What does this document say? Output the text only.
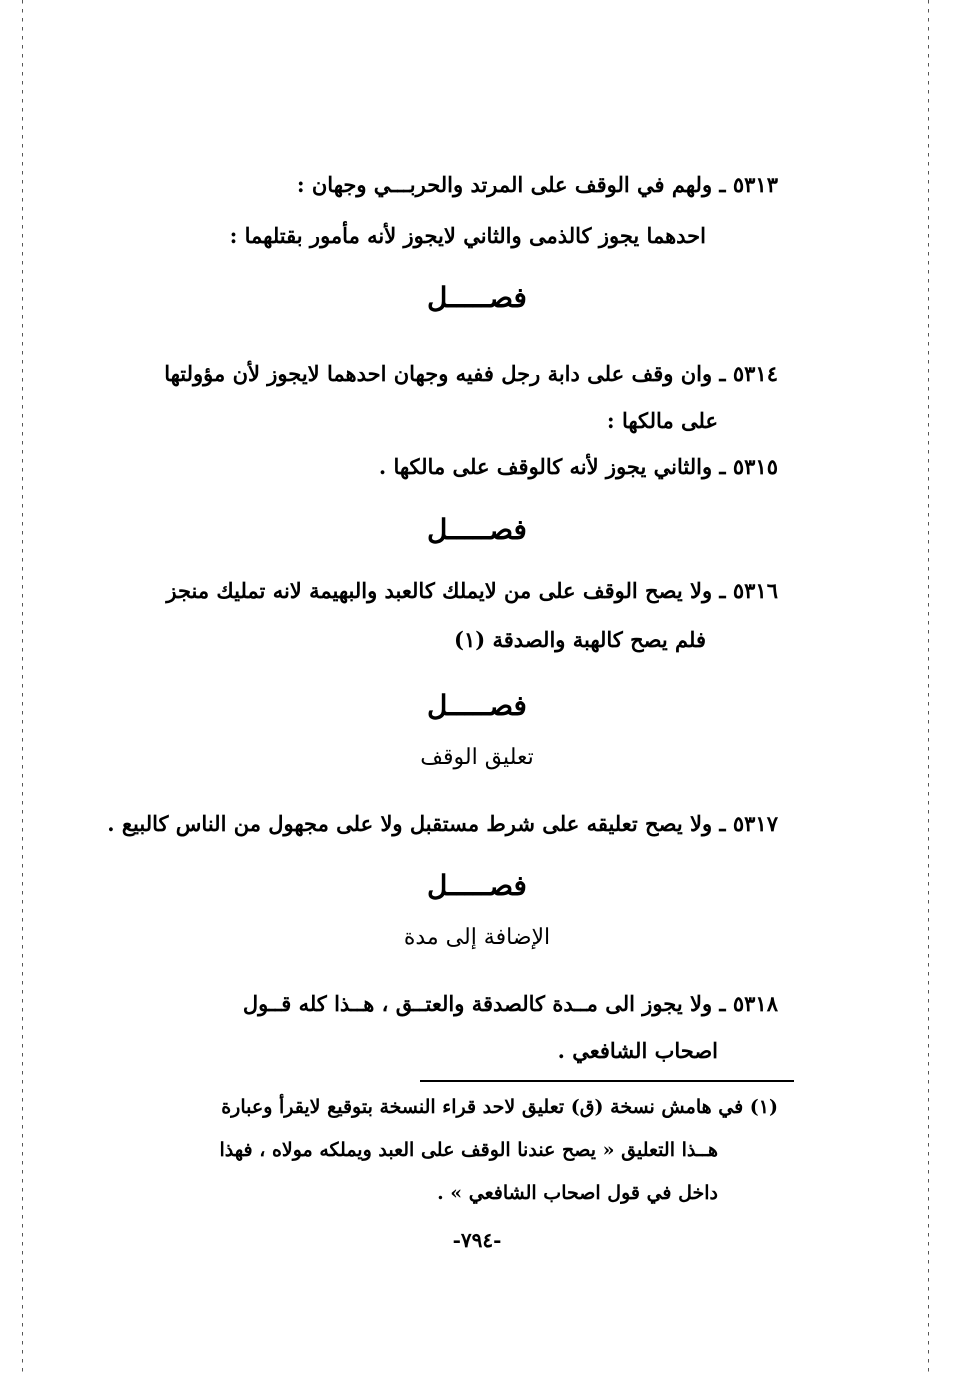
٥٣١٣ ـ ولهم في الوقف على المرتد والحربـــي وجهان :
احدهما يجوز كالذمى والثاني لايجوز لأنه مأمور بقتلهما :
فصـــــل
٥٣١٤ ـ وان وقف على دابة رجل ففيه وجهان احدهما لايجوز لأن مؤولتها
على مالكها :
٥٣١٥ ـ والثاني يجوز لأنه كالوقف على مالكها .
فصـــــل
٥٣١٦ ـ ولا يصح الوقف على من لايملك كالعبد والبهيمة لانه تمليك منجز
فلم يصح كالهبة والصدقة (١)
فصـــــل
تعليق الوقف
٥٣١٧ ـ ولا يصح تعليقه على شرط مستقبل ولا على مجهول من الناس كالبيع .
فصـــــل
الإضافة إلى مدة
٥٣١٨ ـ ولا يجوز الى مــدة كالصدقة والعتــق ، هــذا كله قــول
اصحاب الشافعي .
(١) في هامش نسخة (ق) تعليق لاحد قراء النسخة بتوقيع لايقرأ وعبارة
هــذا التعليق « يصح عندنا الوقف على العبد ويملكه مولاه ، فهذا
داخل في قول اصحاب الشافعي » .
-٧٩٤-
